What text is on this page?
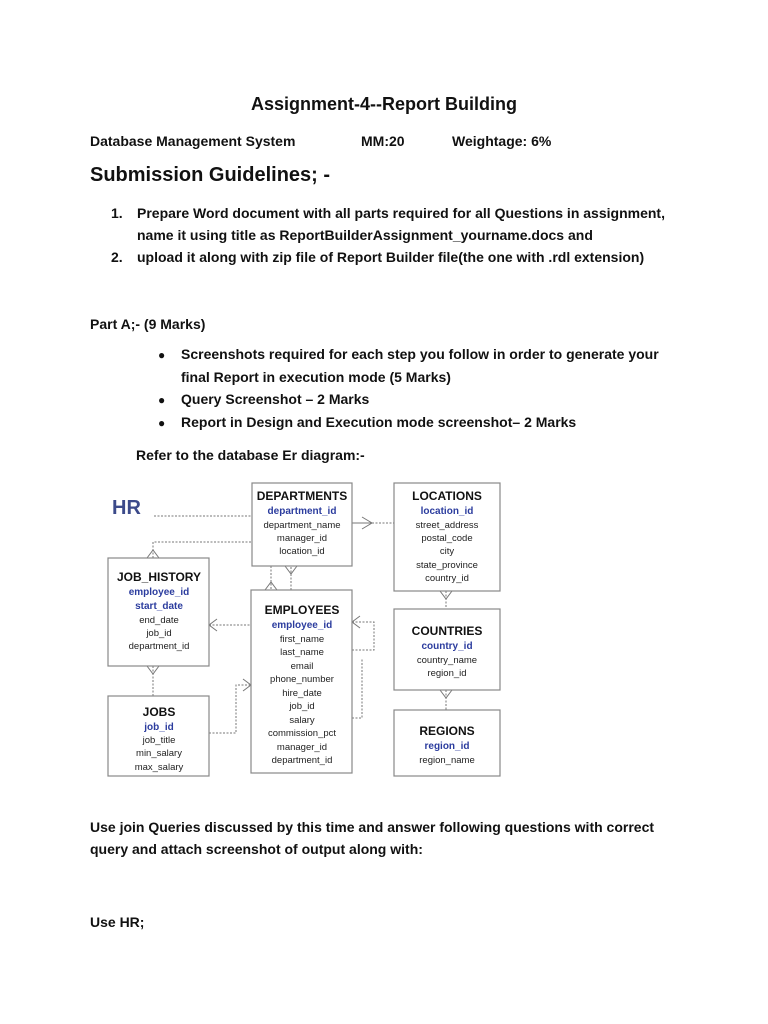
Assignment-4--Report Building
Database Management System	MM:20	Weightage: 6%
Submission Guidelines; -
1. Prepare Word document with all parts required for all Questions in assignment,
name it using title as ReportBuilderAssignment_yourname.docs and
2. upload it along with zip file of Report Builder file(the one with .rdl extension)
Part A;- (9 Marks)
● Screenshots required for each step you follow in order to generate your
final Report in execution mode (5 Marks)
● Query Screenshot – 2 Marks
● Report in Design and Execution mode screenshot– 2 Marks
Refer to the database Er diagram:-
HR
DEPARTMENTS
department_id
department_name
manager_id
location_id
LOCATIONS
location_id
street_address
postal_code
city
state_province
country_id
JOB_HISTORY
employee_id
start_date
end_date
job_id
department_id
EMPLOYEES
employee_id
first_name
last_name
email
phone_number
hire_date
job_id
salary
commission_pct
manager_id
department_id
COUNTRIES
country_id
country_name
region_id
JOBS
job_id
job_title
min_salary
max_salary
REGIONS
region_id
region_name
Use join Queries discussed by this time and answer following questions with correct
query and attach screenshot of output along with:
Use HR;
